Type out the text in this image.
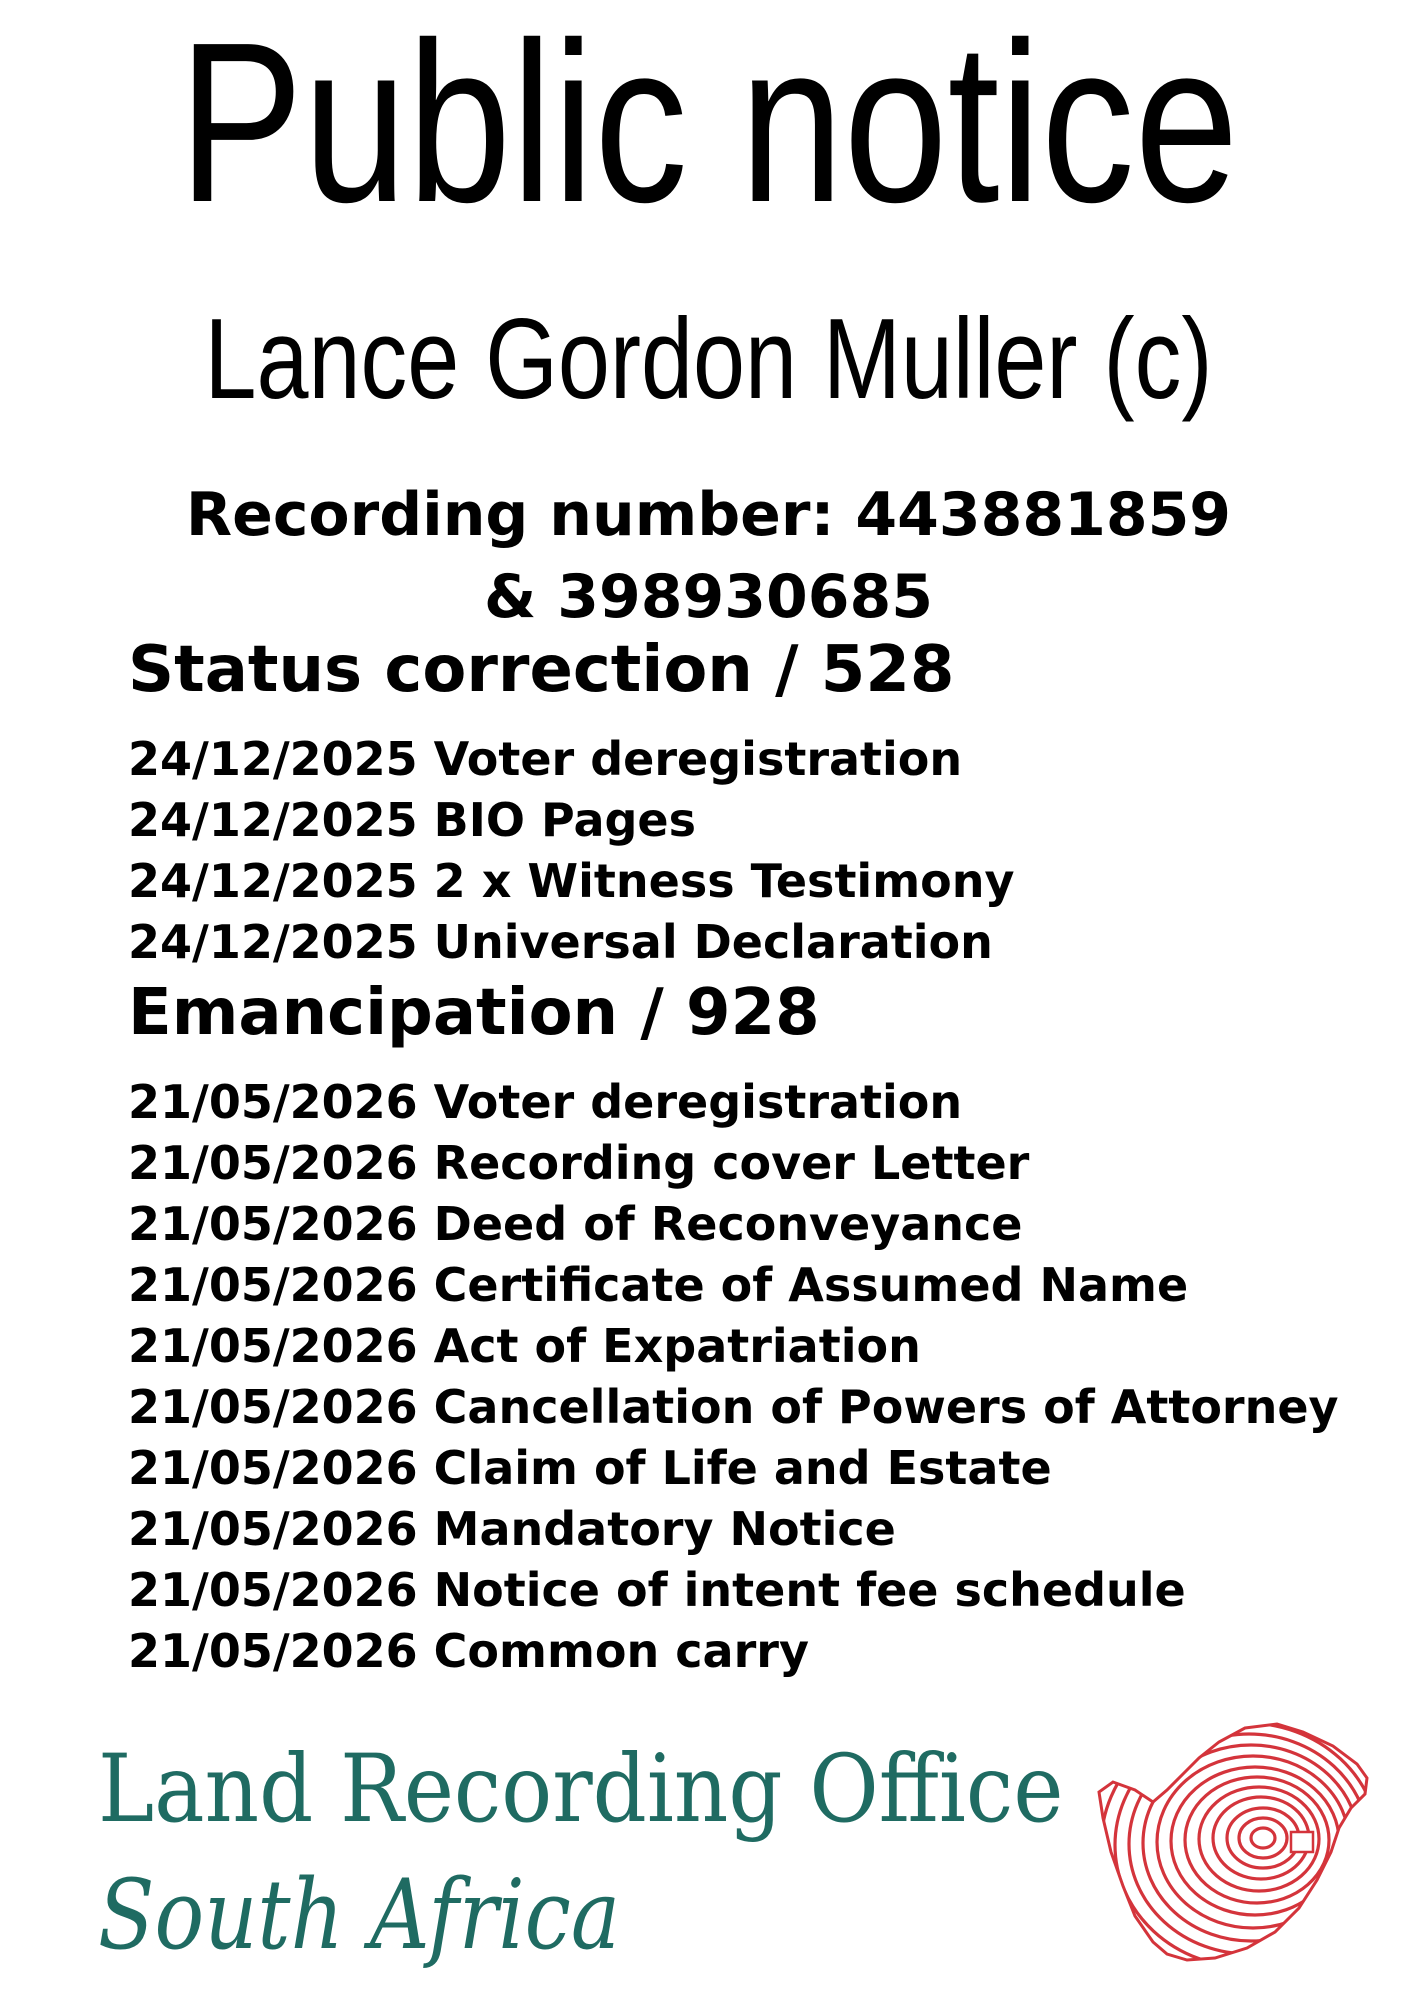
Public notice
Lance Gordon Muller (c)
Recording number: 443881859 & 398930685
Status correction / 528
24/12/2025 Voter deregistration
24/12/2025 BIO Pages
24/12/2025 2 x Witness Testimony
24/12/2025 Universal Declaration
Emancipation / 928
21/05/2026 Voter deregistration
21/05/2026 Recording cover Letter
21/05/2026 Deed of Reconveyance
21/05/2026 Certificate of Assumed Name
21/05/2026 Act of Expatriation
21/05/2026 Cancellation of Powers of Attorney
21/05/2026 Claim of Life and Estate
21/05/2026 Mandatory Notice
21/05/2026 Notice of intent fee schedule
21/05/2026 Common carry
Land Recording Office
South Africa
